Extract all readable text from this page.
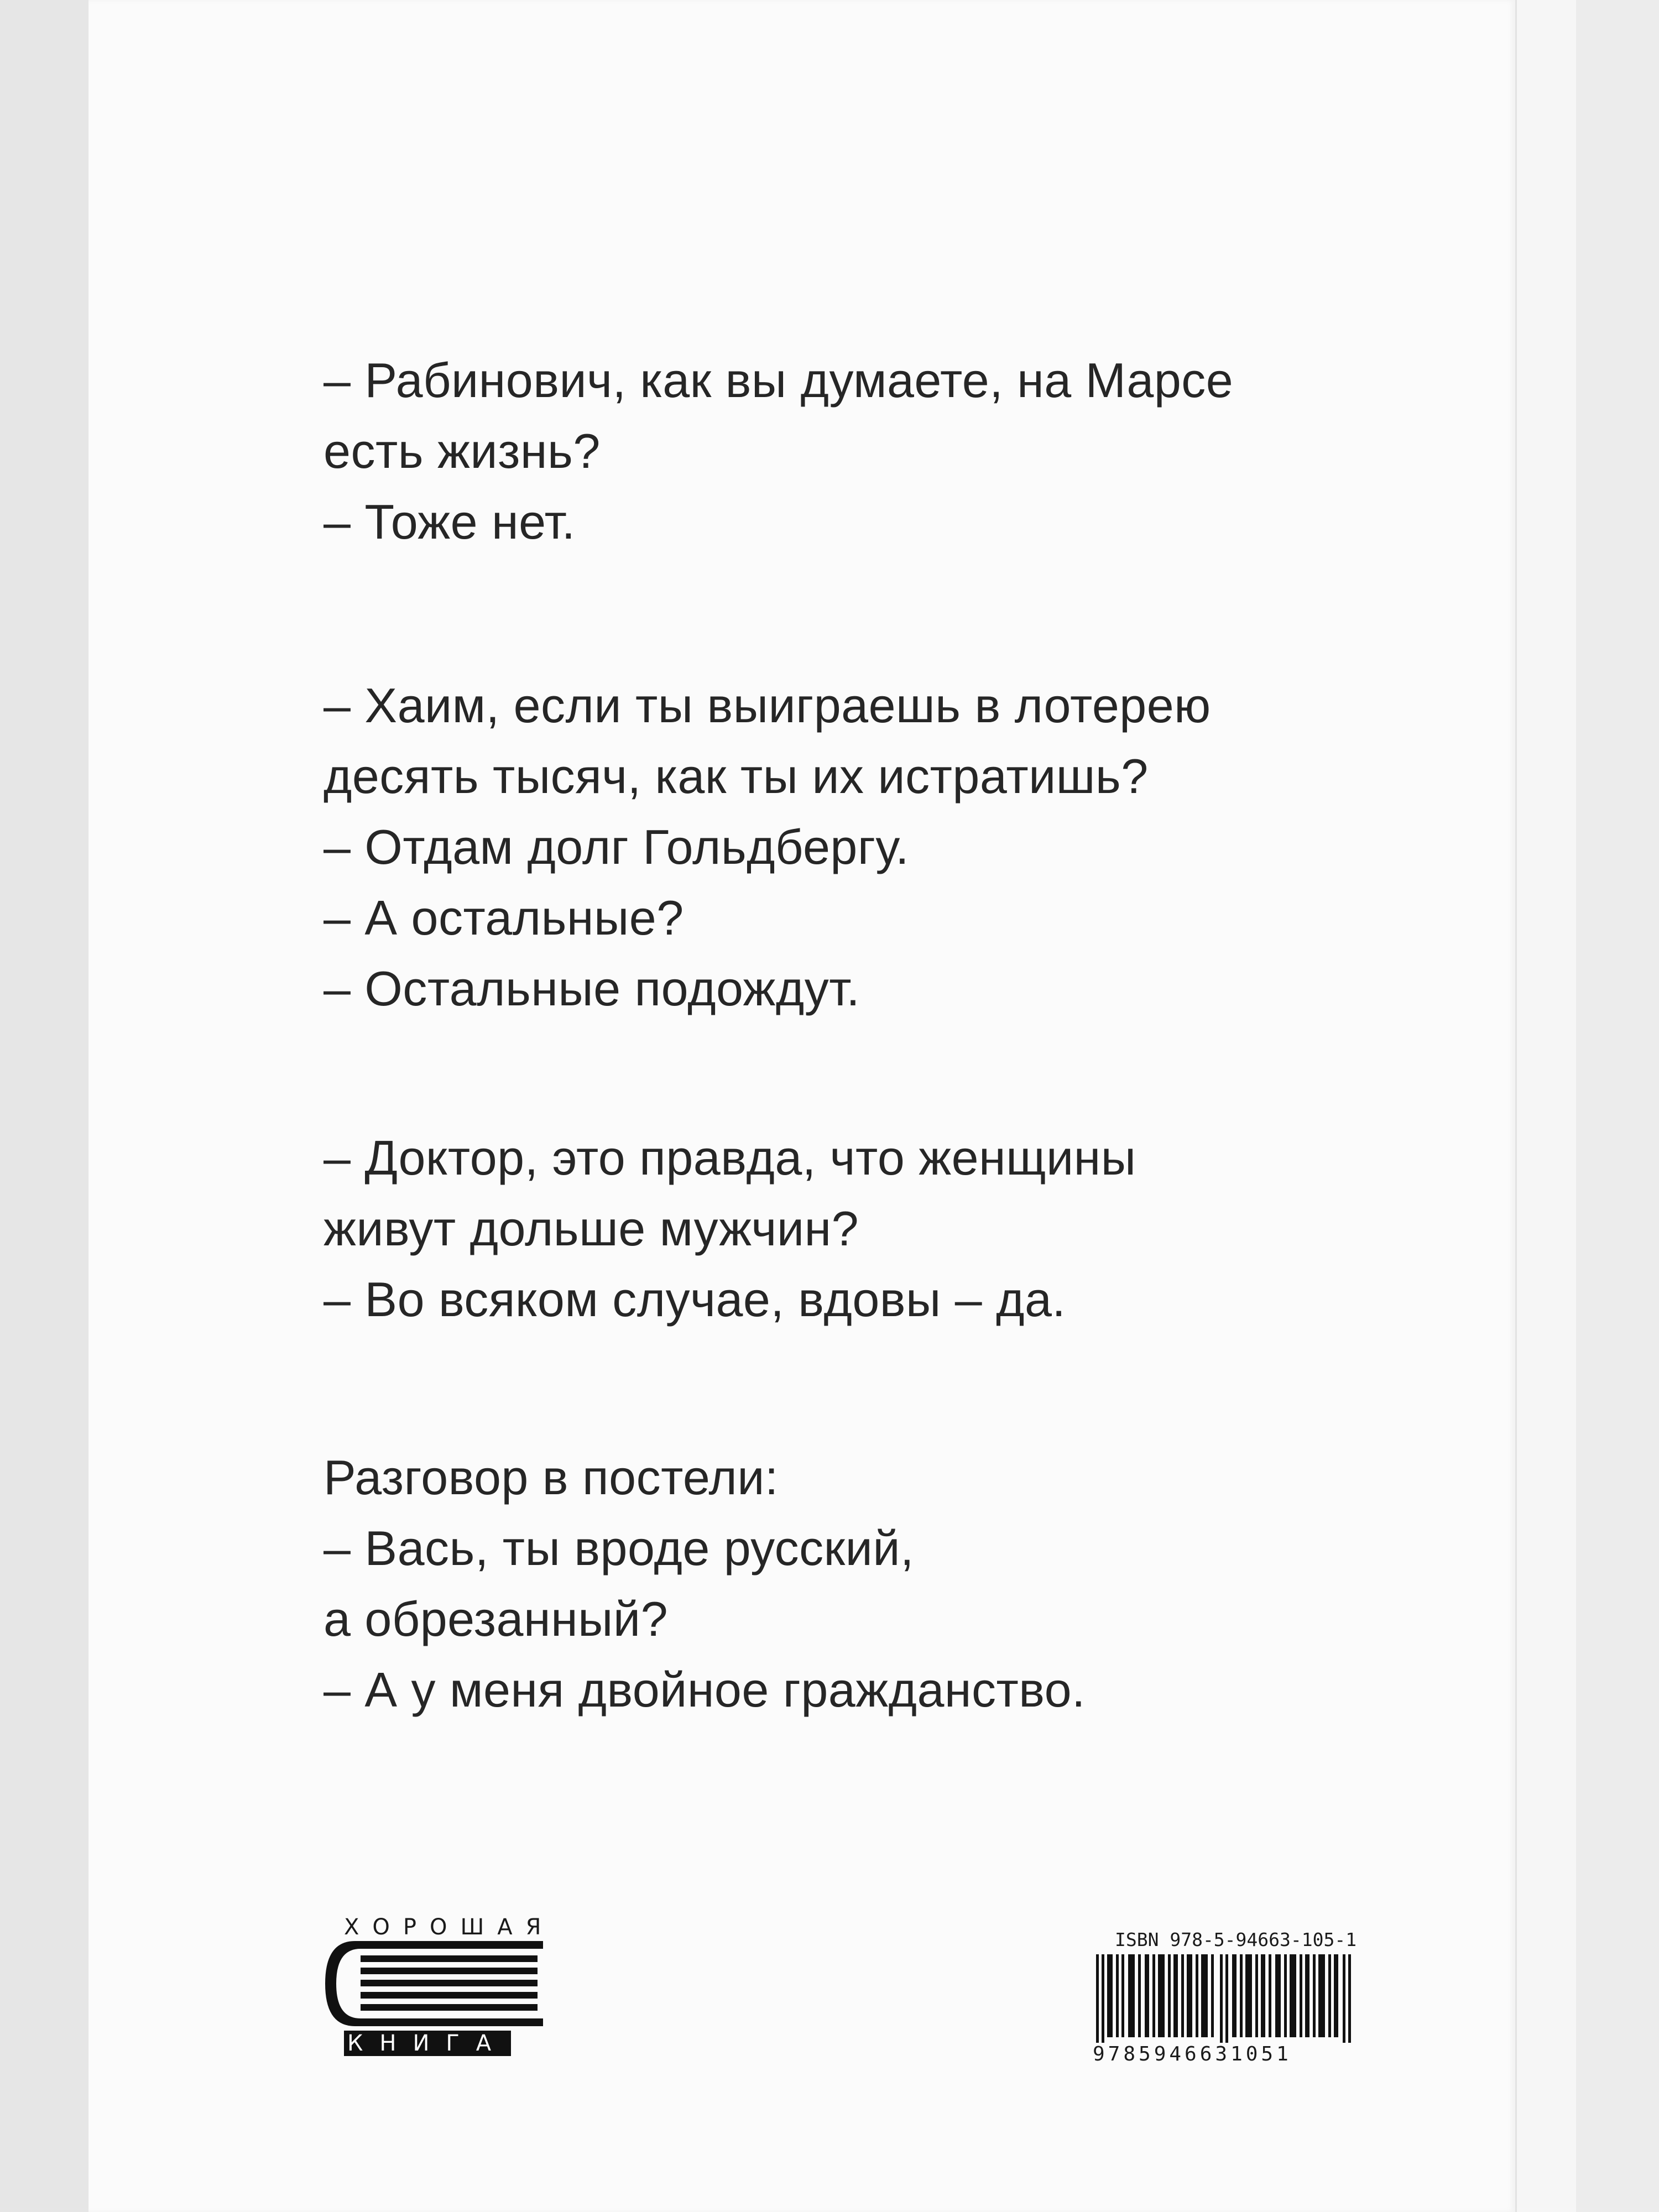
– Рабинович, как вы думаете, на Марсе
есть жизнь?
– Тоже нет.
– Хаим, если ты выиграешь в лотерею
десять тысяч, как ты их истратишь?
– Отдам долг Гольдбергу.
– А остальные?
– Остальные подождут.
– Доктор, это правда, что женщины
живут дольше мужчин?
– Во всяком случае, вдовы – да.
Разговор в постели:
– Вась, ты вроде русский,
а обрезанный?
– А у меня двойное гражданство.
ХОРОШАЯ
КНИГА
ISBN 978-5-94663-105-1
9785946631051
